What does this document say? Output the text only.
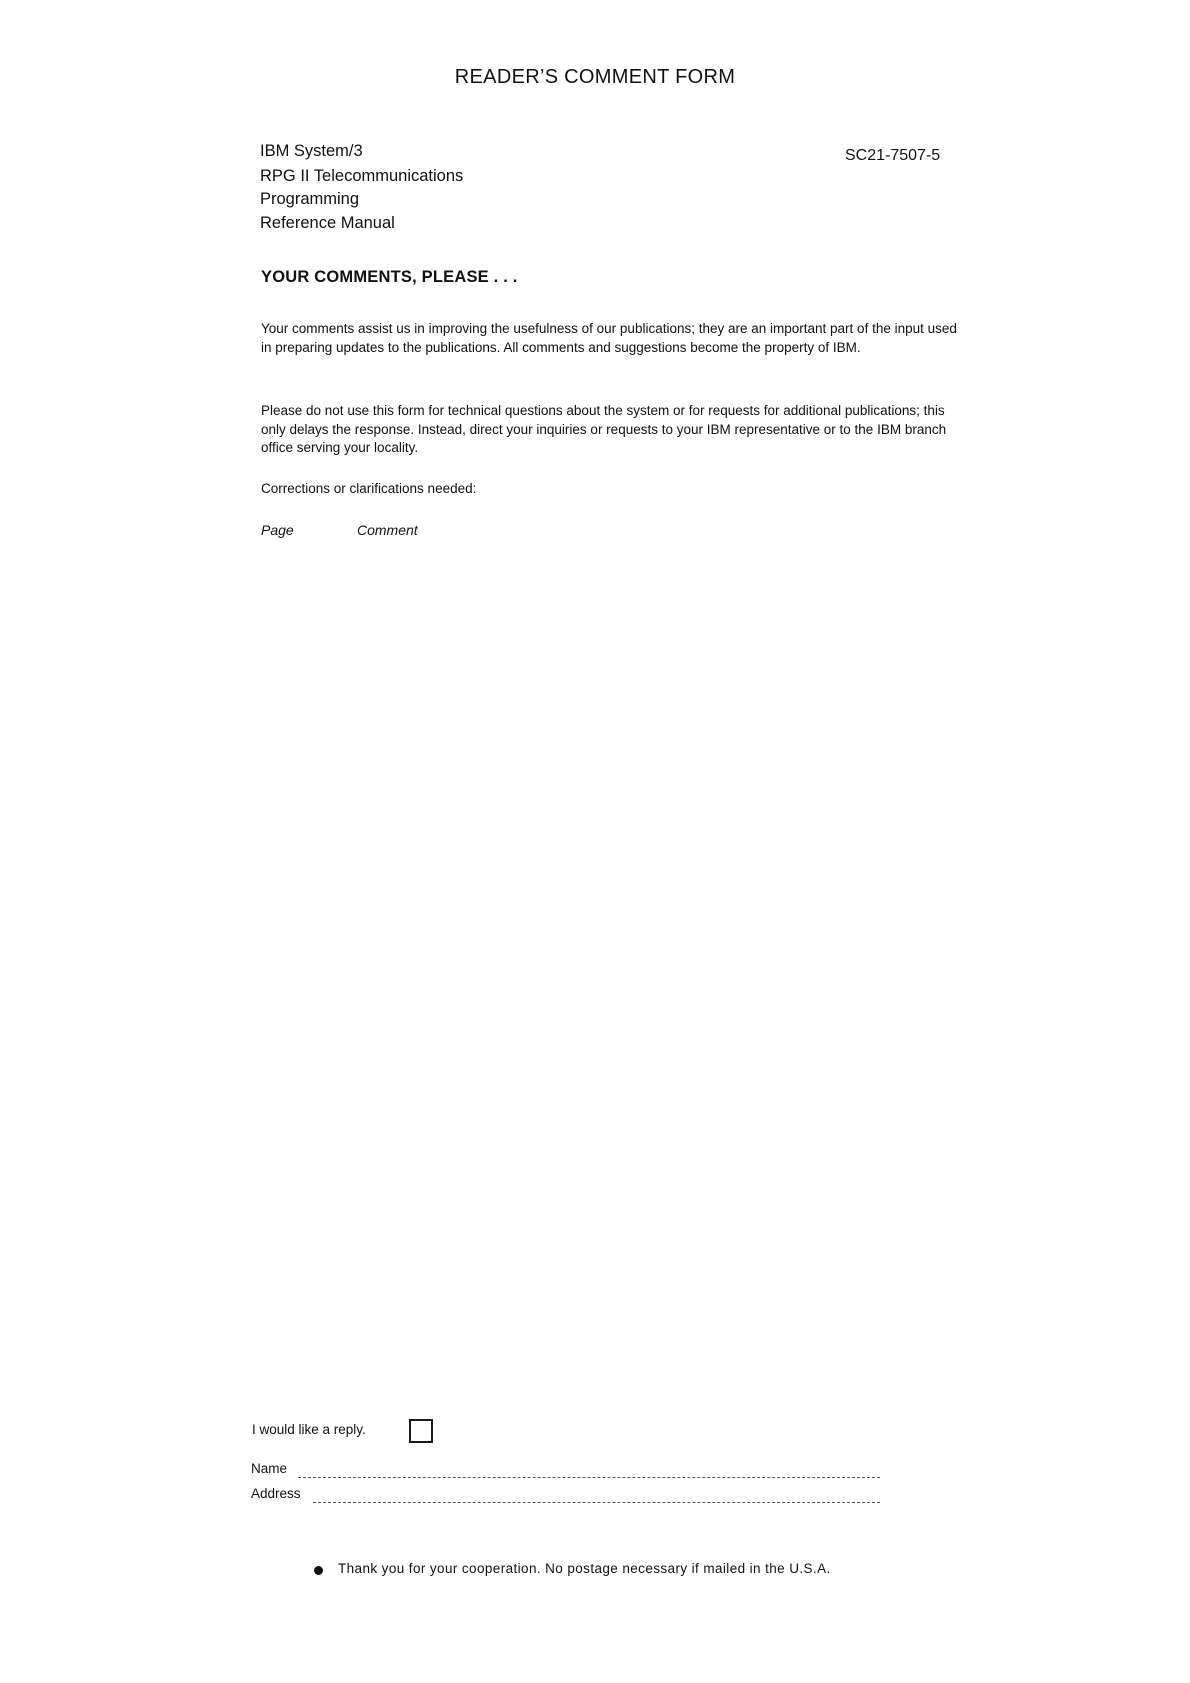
READER’S COMMENT FORM
IBM System/3
RPG II Telecommunications
Programming
Reference Manual
SC21-7507-5
YOUR COMMENTS, PLEASE . . .
Your comments assist us in improving the usefulness of our publications; they are an important part of the input used in preparing updates to the publications. All comments and suggestions become the property of IBM.
Please do not use this form for technical questions about the system or for requests for additional publications; this only delays the response. Instead, direct your inquiries or requests to your IBM representative or to the IBM branch office serving your locality.
Corrections or clarifications needed:
Page	Comment
I would like a reply.
Name
Address
Thank you for your cooperation. No postage necessary if mailed in the U.S.A.
